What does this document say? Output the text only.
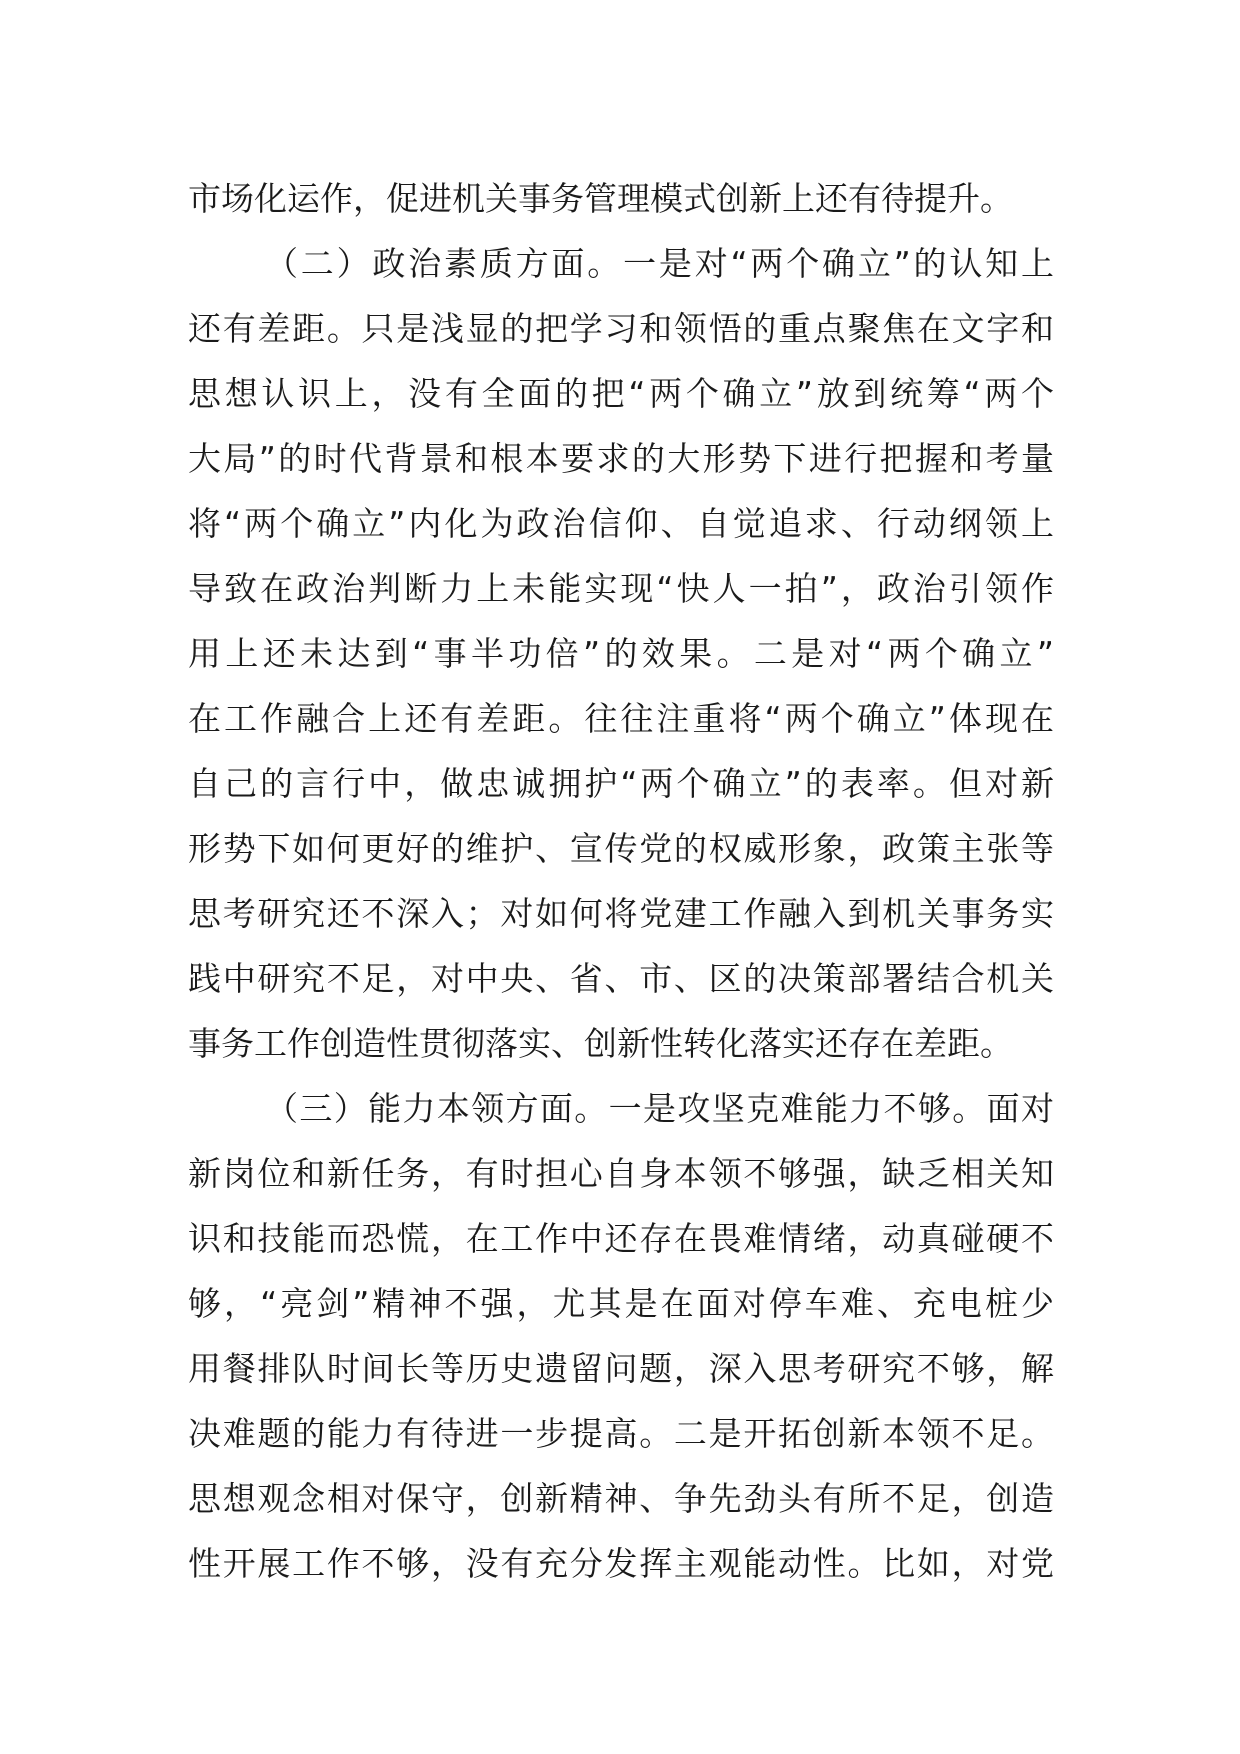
市场化运作，促进机关事务管理模式创新上还有待提升。
（二）政治素质方面。一是对“两个确立”的认知上
还有差距。只是浅显的把学习和领悟的重点聚焦在文字和
思想认识上，没有全面的把“两个确立”放到统筹“两个
大局”的时代背景和根本要求的大形势下进行把握和考量
将“两个确立”内化为政治信仰、自觉追求、行动纲领上
导致在政治判断力上未能实现“快人一拍”，政治引领作
用上还未达到“事半功倍”的效果。二是对“两个确立”
在工作融合上还有差距。往往注重将“两个确立”体现在
自己的言行中，做忠诚拥护“两个确立”的表率。但对新
形势下如何更好的维护、宣传党的权威形象，政策主张等
思考研究还不深入；对如何将党建工作融入到机关事务实
践中研究不足，对中央、省、市、区的决策部署结合机关
事务工作创造性贯彻落实、创新性转化落实还存在差距。
（三）能力本领方面。一是攻坚克难能力不够。面对
新岗位和新任务，有时担心自身本领不够强，缺乏相关知
识和技能而恐慌，在工作中还存在畏难情绪，动真碰硬不
够，“亮剑”精神不强，尤其是在面对停车难、充电桩少
用餐排队时间长等历史遗留问题，深入思考研究不够，解
决难题的能力有待进一步提高。二是开拓创新本领不足。
思想观念相对保守，创新精神、争先劲头有所不足，创造
性开展工作不够，没有充分发挥主观能动性。比如，对党
